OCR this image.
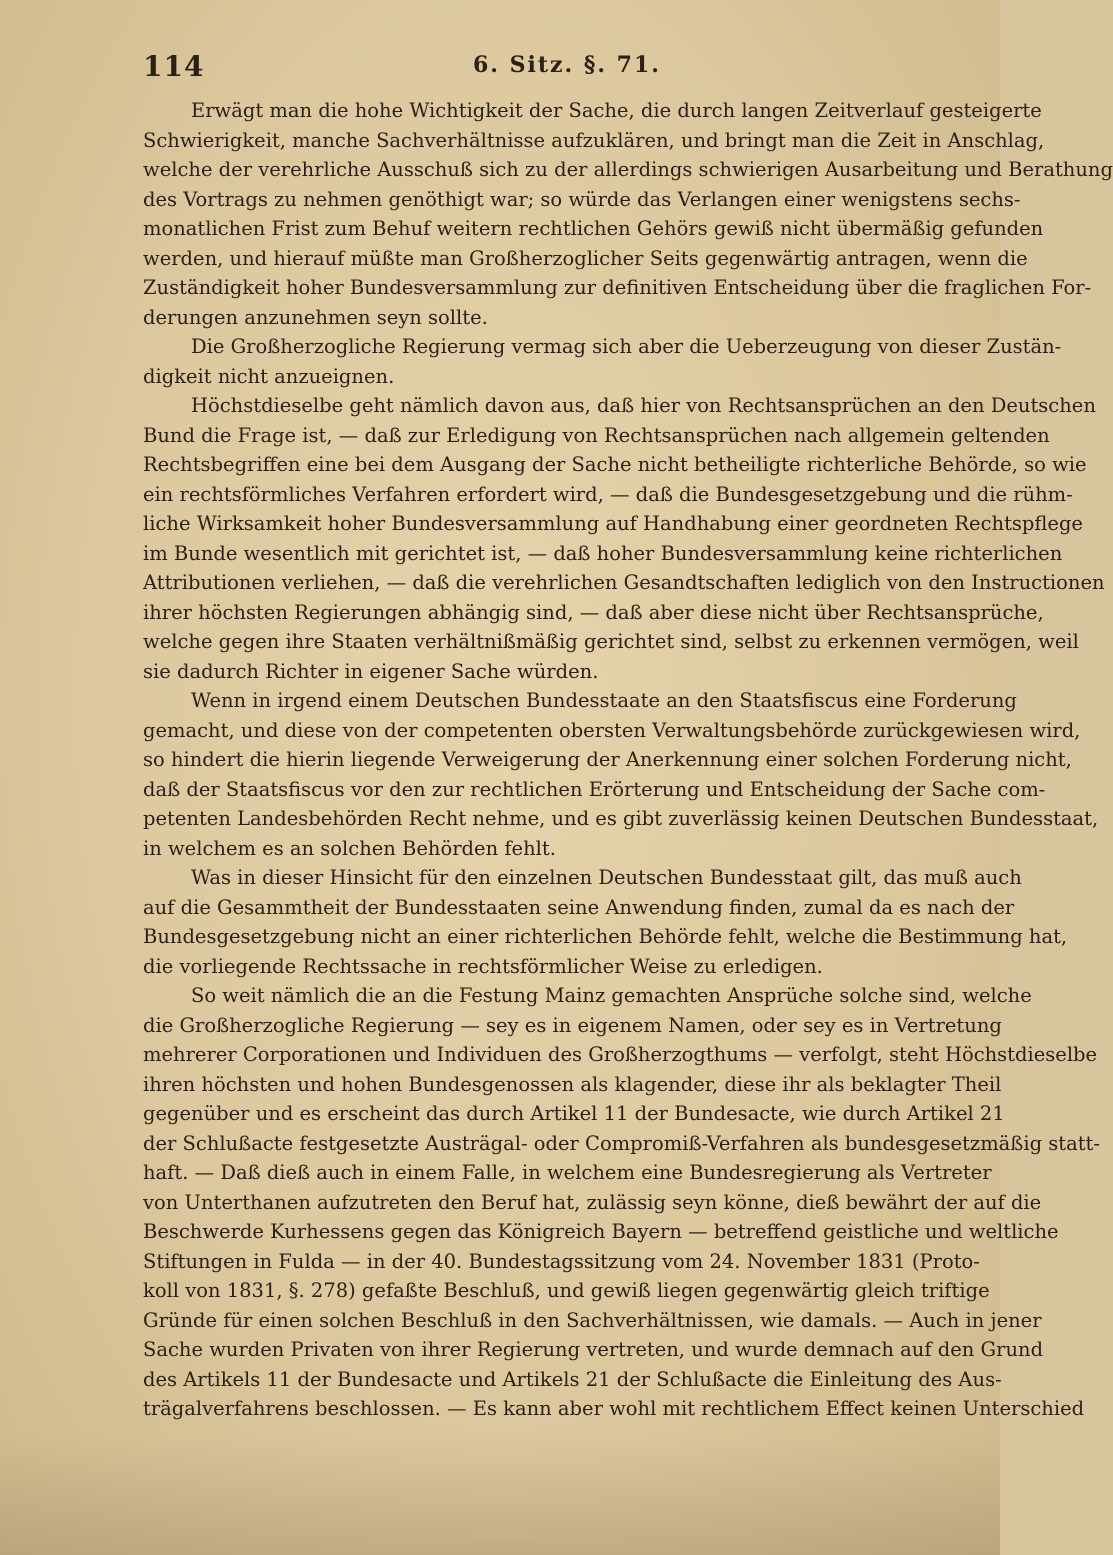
114	6. Sitz. §. 71.
Erwägt man die hohe Wichtigkeit der Sache, die durch langen Zeitverlauf gesteigerte
Schwierigkeit, manche Sachverhältnisse aufzuklären, und bringt man die Zeit in Anschlag,
welche der verehrliche Ausschuß sich zu der allerdings schwierigen Ausarbeitung und Berathung
des Vortrags zu nehmen genöthigt war; so würde das Verlangen einer wenigstens sechs-
monatlichen Frist zum Behuf weitern rechtlichen Gehörs gewiß nicht übermäßig gefunden
werden, und hierauf müßte man Großherzoglicher Seits gegenwärtig antragen, wenn die
Zuständigkeit hoher Bundesversammlung zur definitiven Entscheidung über die fraglichen For-
derungen anzunehmen seyn sollte.
Die Großherzogliche Regierung vermag sich aber die Ueberzeugung von dieser Zustän-
digkeit nicht anzueignen.
Höchstdieselbe geht nämlich davon aus, daß hier von Rechtsansprüchen an den Deutschen
Bund die Frage ist, — daß zur Erledigung von Rechtsansprüchen nach allgemein geltenden
Rechtsbegriffen eine bei dem Ausgang der Sache nicht betheiligte richterliche Behörde, so wie
ein rechtsförmliches Verfahren erfordert wird, — daß die Bundesgesetzgebung und die rühm-
liche Wirksamkeit hoher Bundesversammlung auf Handhabung einer geordneten Rechtspflege
im Bunde wesentlich mit gerichtet ist, — daß hoher Bundesversammlung keine richterlichen
Attributionen verliehen, — daß die verehrlichen Gesandtschaften lediglich von den Instructionen
ihrer höchsten Regierungen abhängig sind, — daß aber diese nicht über Rechtsansprüche,
welche gegen ihre Staaten verhältnißmäßig gerichtet sind, selbst zu erkennen vermögen, weil
sie dadurch Richter in eigener Sache würden.
Wenn in irgend einem Deutschen Bundesstaate an den Staatsfiscus eine Forderung
gemacht, und diese von der competenten obersten Verwaltungsbehörde zurückgewiesen wird,
so hindert die hierin liegende Verweigerung der Anerkennung einer solchen Forderung nicht,
daß der Staatsfiscus vor den zur rechtlichen Erörterung und Entscheidung der Sache com-
petenten Landesbehörden Recht nehme, und es gibt zuverlässig keinen Deutschen Bundesstaat,
in welchem es an solchen Behörden fehlt.
Was in dieser Hinsicht für den einzelnen Deutschen Bundesstaat gilt, das muß auch
auf die Gesammtheit der Bundesstaaten seine Anwendung finden, zumal da es nach der
Bundesgesetzgebung nicht an einer richterlichen Behörde fehlt, welche die Bestimmung hat,
die vorliegende Rechtssache in rechtsförmlicher Weise zu erledigen.
So weit nämlich die an die Festung Mainz gemachten Ansprüche solche sind, welche
die Großherzogliche Regierung — sey es in eigenem Namen, oder sey es in Vertretung
mehrerer Corporationen und Individuen des Großherzogthums — verfolgt, steht Höchstdieselbe
ihren höchsten und hohen Bundesgenossen als klagender, diese ihr als beklagter Theil
gegenüber und es erscheint das durch Artikel 11 der Bundesacte, wie durch Artikel 21
der Schlußacte festgesetzte Austrägal- oder Compromiß-Verfahren als bundesgesetzmäßig statt-
haft. — Daß dieß auch in einem Falle, in welchem eine Bundesregierung als Vertreter
von Unterthanen aufzutreten den Beruf hat, zulässig seyn könne, dieß bewährt der auf die
Beschwerde Kurhessens gegen das Königreich Bayern — betreffend geistliche und weltliche
Stiftungen in Fulda — in der 40. Bundestagssitzung vom 24. November 1831 (Proto-
koll von 1831, §. 278) gefaßte Beschluß, und gewiß liegen gegenwärtig gleich triftige
Gründe für einen solchen Beschluß in den Sachverhältnissen, wie damals. — Auch in jener
Sache wurden Privaten von ihrer Regierung vertreten, und wurde demnach auf den Grund
des Artikels 11 der Bundesacte und Artikels 21 der Schlußacte die Einleitung des Aus-
trägalverfahrens beschlossen. — Es kann aber wohl mit rechtlichem Effect keinen Unterschied
